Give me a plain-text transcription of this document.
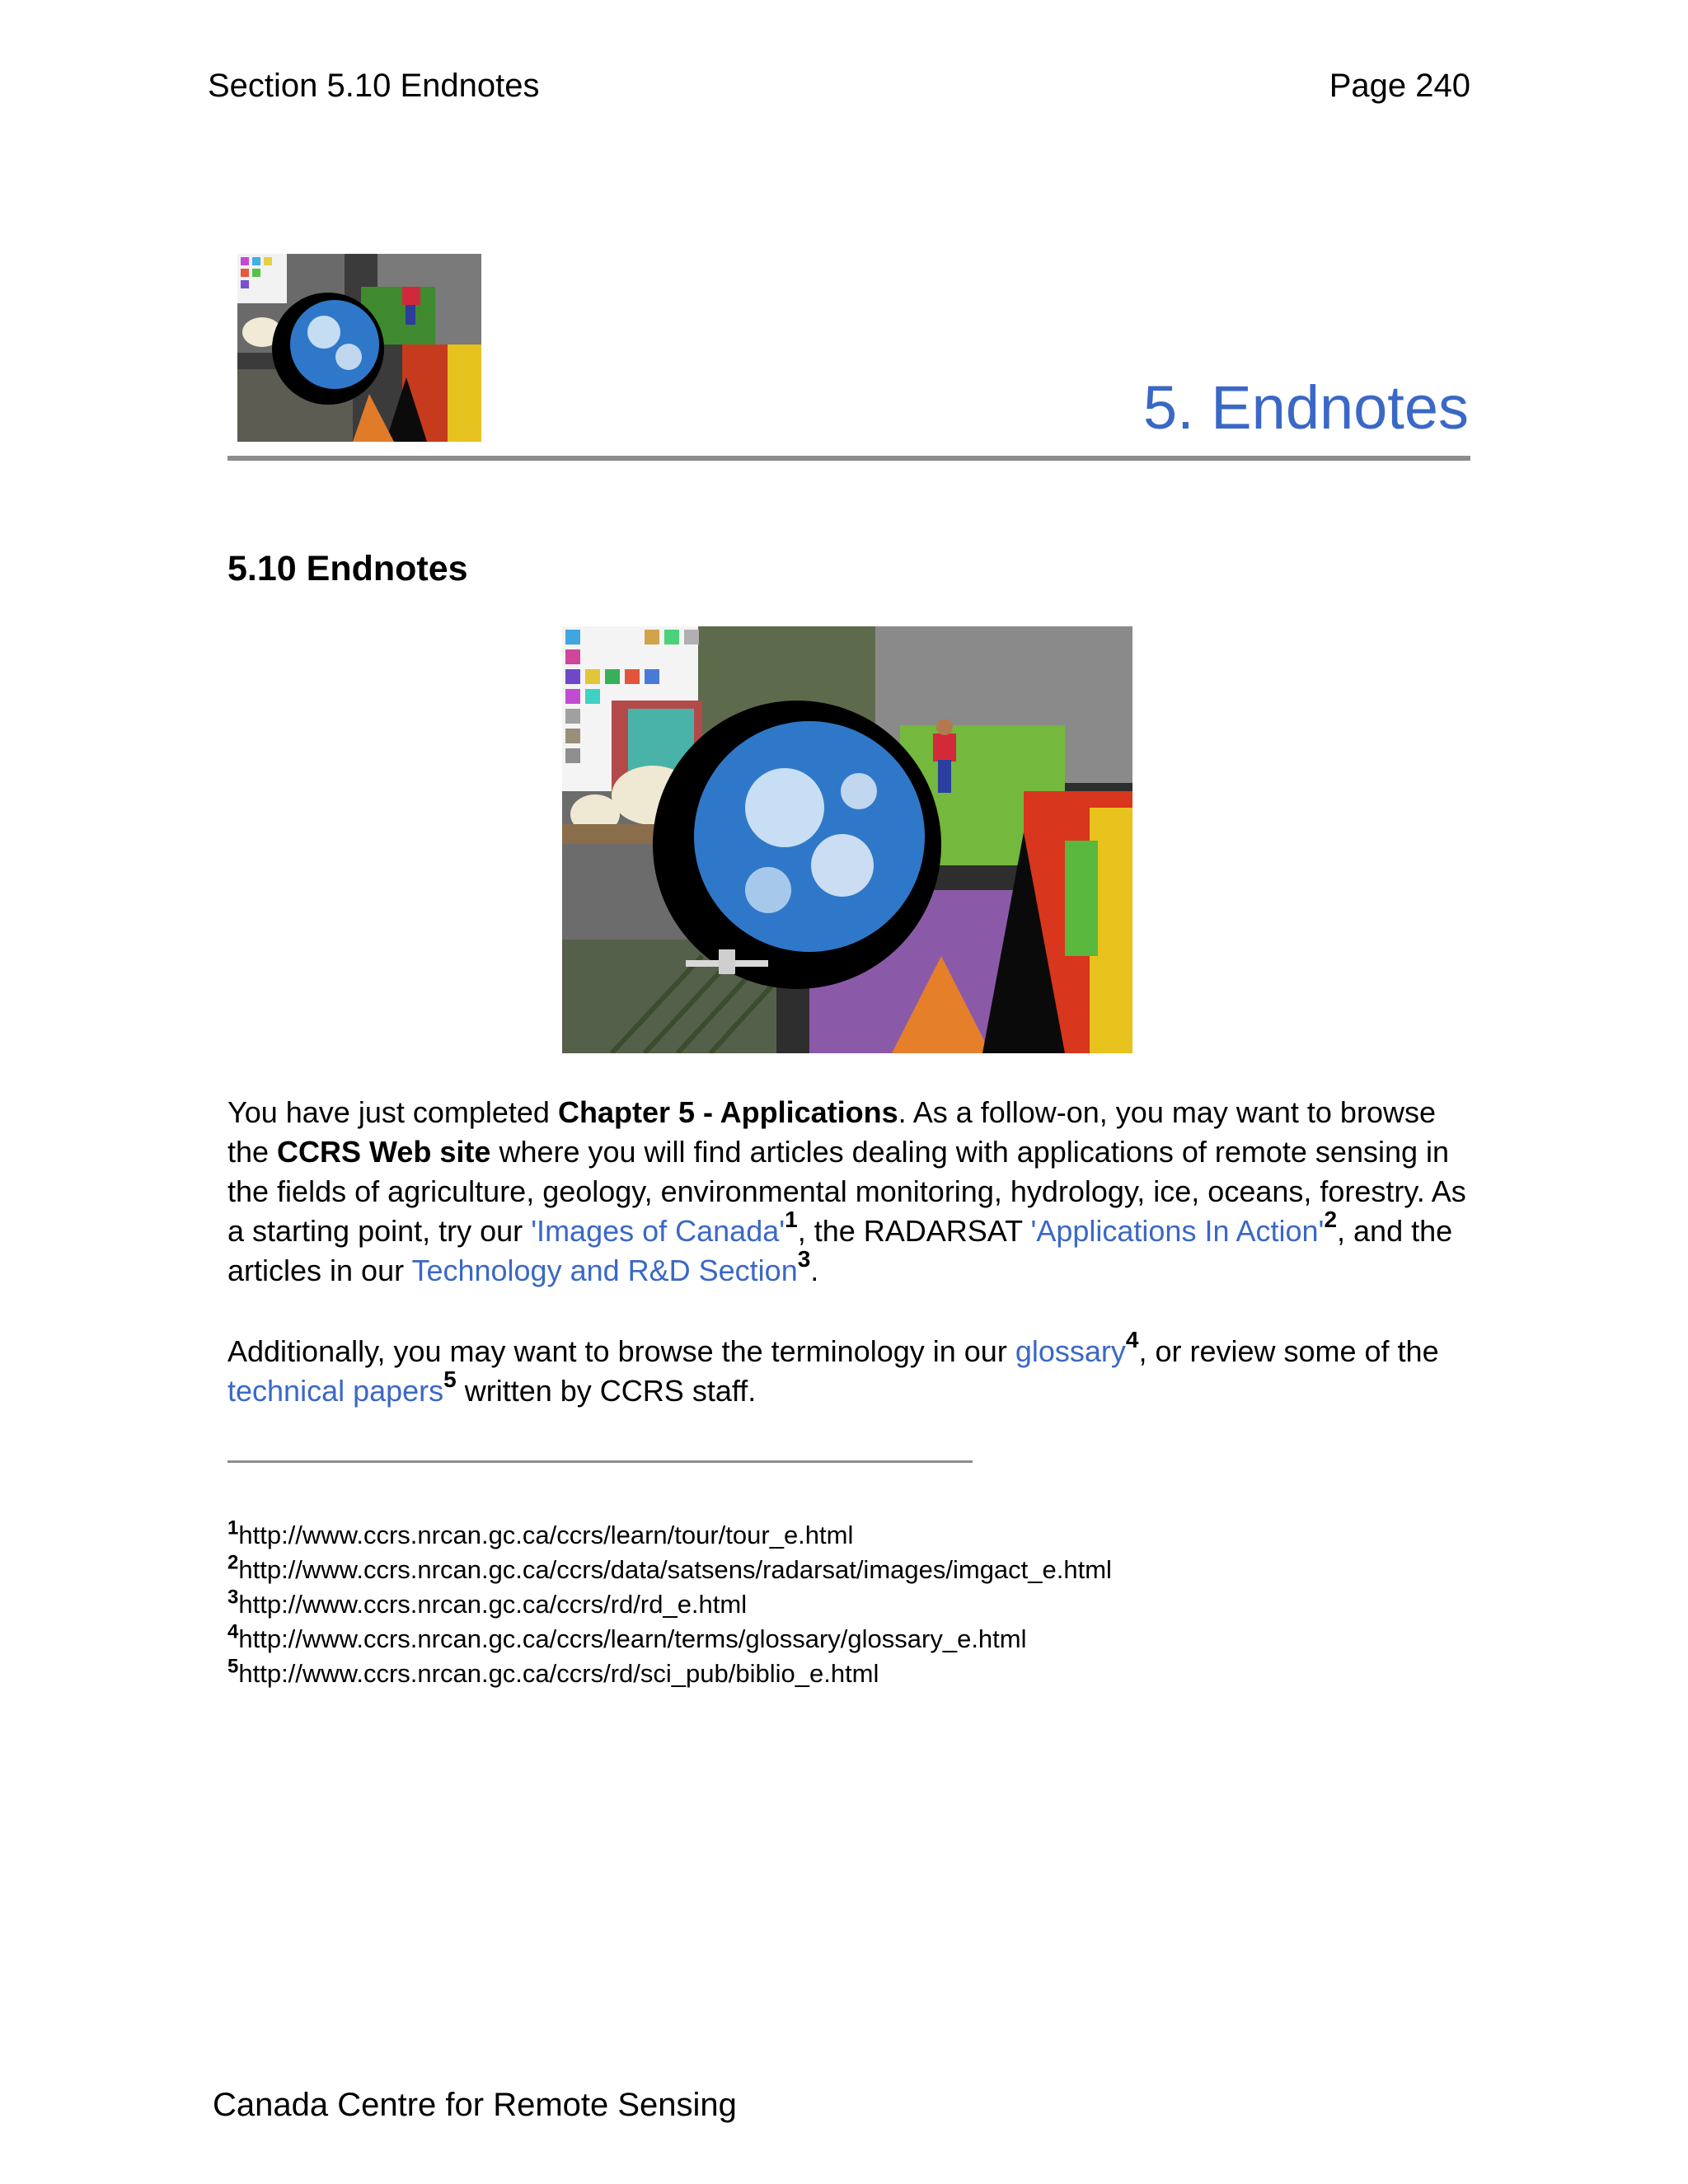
Section 5.10 Endnotes	Page 240
5. Endnotes
5.10 Endnotes
You have just completed Chapter 5 - Applications. As a follow-on, you may want to browse the CCRS Web site where you will find articles dealing with applications of remote sensing in the fields of agriculture, geology, environmental monitoring, hydrology, ice, oceans, forestry. As a starting point, try our 'Images of Canada'$^1$, the RADARSAT 'Applications In Action'$^2$, and the articles in our Technology and R&D Section$^3$.
Additionally, you may want to browse the terminology in our glossary$^4$, or review some of the technical papers$^5$ written by CCRS staff.
$^1$http://www.ccrs.nrcan.gc.ca/ccrs/learn/tour/tour_e.html
$^2$http://www.ccrs.nrcan.gc.ca/ccrs/data/satsens/radarsat/images/imgact_e.html
$^3$http://www.ccrs.nrcan.gc.ca/ccrs/rd/rd_e.html
$^4$http://www.ccrs.nrcan.gc.ca/ccrs/learn/terms/glossary/glossary_e.html
$^5$http://www.ccrs.nrcan.gc.ca/ccrs/rd/sci_pub/biblio_e.html
Canada Centre for Remote Sensing
